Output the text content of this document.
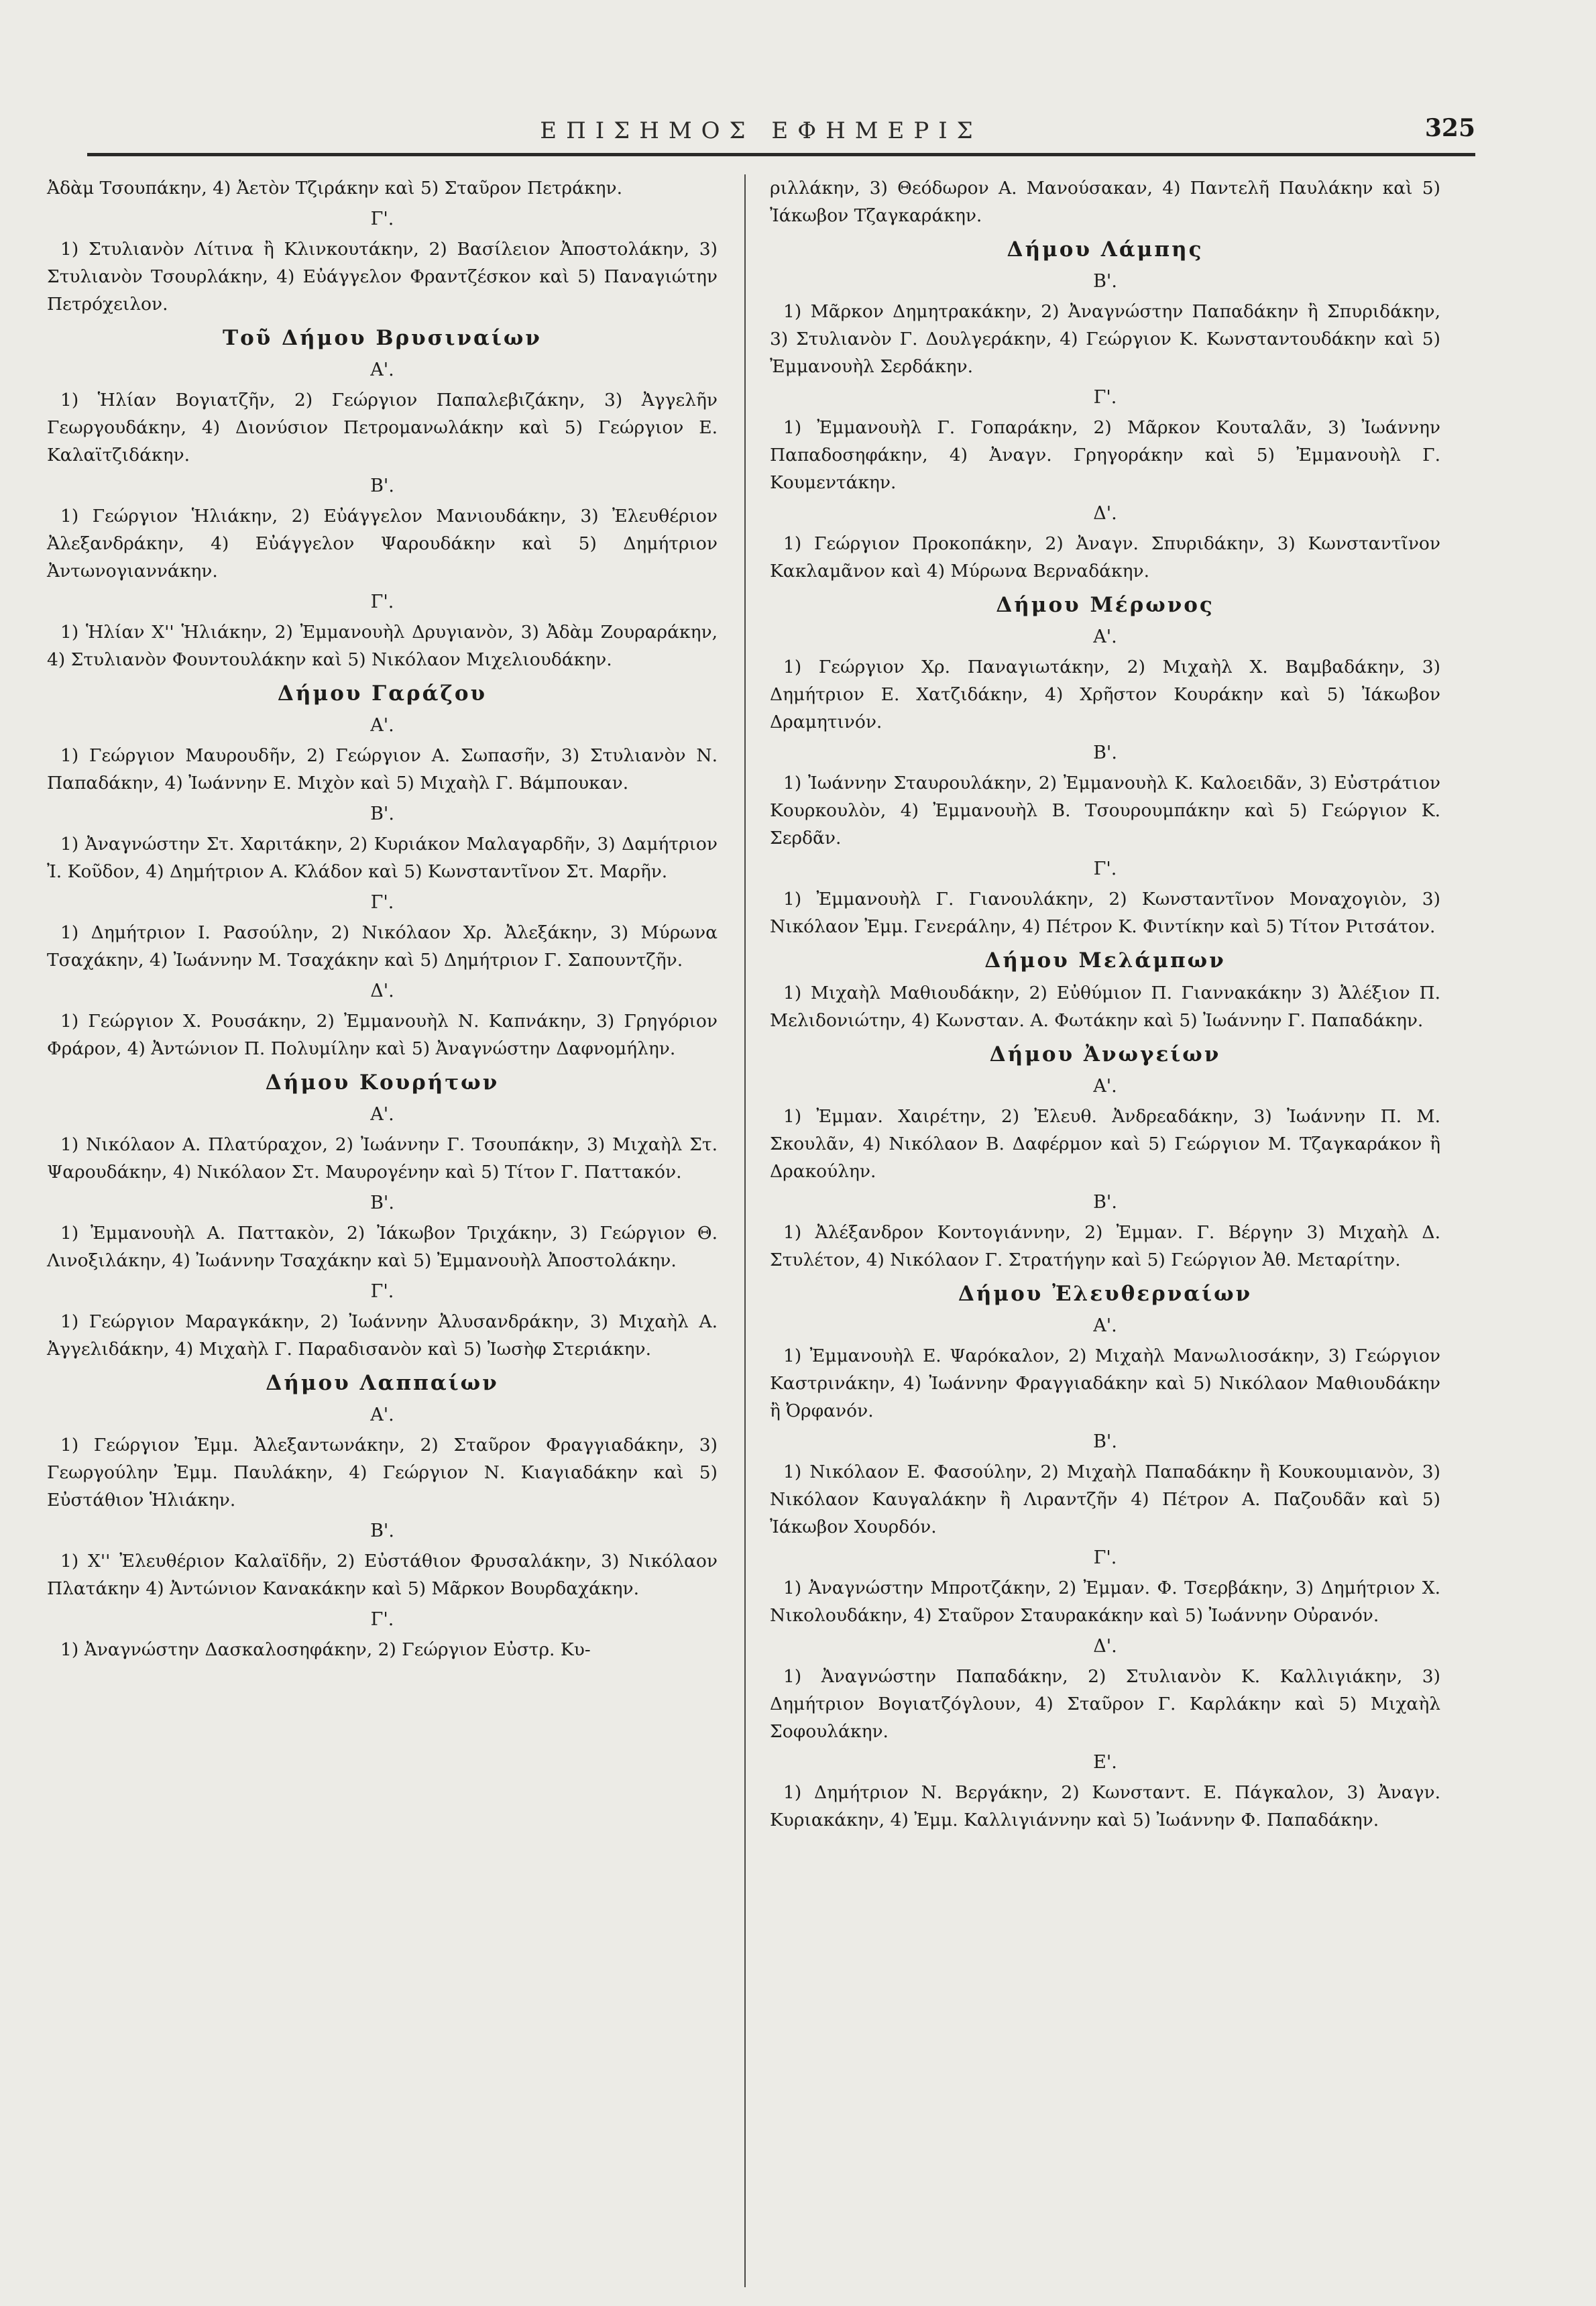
ΕΠΙΣΗΜΟΣ ΕΦΗΜΕΡΙΣ	325
Ἀδὰμ Τσουπάκην, 4) Ἀετὸν Τζιράκην καὶ 5) Σταῦρον Πετράκην.
Γ'.
1) Στυλιανὸν Λίτινα ἢ Κλινκουτάκην, 2) Βασίλειον Ἀποστολάκην, 3) Στυλιανὸν Τσουρλάκην, 4) Εὐάγγελον Φραντζέσκον καὶ 5) Παναγιώτην Πετρόχειλον.
Τοῦ Δήμου Βρυσιναίων
Α'.
1) Ἡλίαν Βογιατζῆν, 2) Γεώργιον Παπαλεβιζάκην, 3) Ἀγγελῆν Γεωργουδάκην, 4) Διονύσιον Πετρομανωλάκην καὶ 5) Γεώργιον Ε. Καλαϊτζιδάκην.
Β'.
1) Γεώργιον Ἡλιάκην, 2) Εὐάγγελον Μανιουδάκην, 3) Ἐλευθέριον Ἀλεξανδράκην, 4) Εὐάγγελον Ψαρουδάκην καὶ 5) Δημήτριον Ἀντωνογιαννάκην.
Γ'.
1) Ἡλίαν Χ'' Ἡλιάκην, 2) Ἐμμανουὴλ Δρυγιανὸν, 3) Ἀδὰμ Ζουραράκην, 4) Στυλιανὸν Φουντουλάκην καὶ 5) Νικόλαον Μιχελιουδάκην.
Δήμου Γαράζου
Α'.
1) Γεώργιον Μαυρουδῆν, 2) Γεώργιον Α. Σωπασῆν, 3) Στυλιανὸν Ν. Παπαδάκην, 4) Ἰωάννην Ε. Μιχὸν καὶ 5) Μιχαὴλ Γ. Βάμπουκαν.
Β'.
1) Ἀναγνώστην Στ. Χαριτάκην, 2) Κυριάκον Μαλαγαρδῆν, 3) Δαμήτριον Ἰ. Κοῦδον, 4) Δημήτριον Α. Κλάδον καὶ 5) Κωνσταντῖνον Στ. Μαρῆν.
Γ'.
1) Δημήτριον Ι. Ρασούλην, 2) Νικόλαον Χρ. Ἀλεξάκην, 3) Μύρωνα Τσαχάκην, 4) Ἰωάννην Μ. Τσαχάκην καὶ 5) Δημήτριον Γ. Σαπουντζῆν.
Δ'.
1) Γεώργιον Χ. Ρουσάκην, 2) Ἐμμανουὴλ Ν. Καπνάκην, 3) Γρηγόριον Φράρον, 4) Ἀντώνιον Π. Πολυμίλην καὶ 5) Ἀναγνώστην Δαφνομήλην.
Δήμου Κουρήτων
Α'.
1) Νικόλαον Α. Πλατύραχον, 2) Ἰωάννην Γ. Τσουπάκην, 3) Μιχαὴλ Στ. Ψαρουδάκην, 4) Νικόλαον Στ. Μαυρογένην καὶ 5) Τίτον Γ. Παττακόν.
Β'.
1) Ἐμμανουὴλ Α. Παττακὸν, 2) Ἰάκωβον Τριχάκην, 3) Γεώργιον Θ. Λινοξιλάκην, 4) Ἰωάννην Τσαχάκην καὶ 5) Ἐμμανουὴλ Ἀποστολάκην.
Γ'.
1) Γεώργιον Μαραγκάκην, 2) Ἰωάννην Ἀλυσανδράκην, 3) Μιχαὴλ Α. Ἀγγελιδάκην, 4) Μιχαὴλ Γ. Παραδισανὸν καὶ 5) Ἰωσὴφ Στεριάκην.
Δήμου Λαππαίων
Α'.
1) Γεώργιον Ἐμμ. Ἀλεξαντωνάκην, 2) Σταῦρον Φραγγιαδάκην, 3) Γεωργούλην Ἐμμ. Παυλάκην, 4) Γεώργιον Ν. Κιαγιαδάκην καὶ 5) Εὐστάθιον Ἡλιάκην.
Β'.
1) Χ'' Ἐλευθέριον Καλαϊδῆν, 2) Εὐστάθιον Φρυσαλάκην, 3) Νικόλαον Πλατάκην 4) Ἀντώνιον Κανακάκην καὶ 5) Μᾶρκον Βουρδαχάκην.
Γ'.
1) Ἀναγνώστην Δασκαλοσηφάκην, 2) Γεώργιον Εὐστρ. Κυ-
ριλλάκην, 3) Θεόδωρον Α. Μανούσακαν, 4) Παντελῆ Παυλάκην καὶ 5) Ἰάκωβον Τζαγκαράκην.
Δήμου Λάμπης
Β'.
1) Μᾶρκον Δημητρακάκην, 2) Ἀναγνώστην Παπαδάκην ἢ Σπυριδάκην, 3) Στυλιανὸν Γ. Δουλγεράκην, 4) Γεώργιον Κ. Κωνσταντουδάκην καὶ 5) Ἐμμανουὴλ Σερδάκην.
Γ'.
1) Ἐμμανουὴλ Γ. Γοπαράκην, 2) Μᾶρκον Κουταλᾶν, 3) Ἰωάννην Παπαδοσηφάκην, 4) Ἀναγν. Γρηγοράκην καὶ 5) Ἐμμανουὴλ Γ. Κουμεντάκην.
Δ'.
1) Γεώργιον Προκοπάκην, 2) Ἀναγν. Σπυριδάκην, 3) Κωνσταντῖνον Κακλαμᾶνον καὶ 4) Μύρωνα Βερναδάκην.
Δήμου Μέρωνος
Α'.
1) Γεώργιον Χρ. Παναγιωτάκην, 2) Μιχαὴλ Χ. Βαμβαδάκην, 3) Δημήτριον Ε. Χατζιδάκην, 4) Χρῆστον Κουράκην καὶ 5) Ἰάκωβον Δραμητινόν.
Β'.
1) Ἰωάννην Σταυρουλάκην, 2) Ἐμμανουὴλ Κ. Καλοειδᾶν, 3) Εὐστράτιον Κουρκουλὸν, 4) Ἐμμανουὴλ Β. Τσουρουμπάκην καὶ 5) Γεώργιον Κ. Σερδᾶν.
Γ'.
1) Ἐμμανουὴλ Γ. Γιανουλάκην, 2) Κωνσταντῖνον Μοναχογιὸν, 3) Νικόλαον Ἐμμ. Γενεράλην, 4) Πέτρον Κ. Φιντίκην καὶ 5) Τίτον Ριτσάτον.
Δήμου Μελάμπων
1) Μιχαὴλ Μαθιουδάκην, 2) Εὐθύμιον Π. Γιαννακάκην 3) Ἀλέξιον Π. Μελιδονιώτην, 4) Κωνσταν. Α. Φωτάκην καὶ 5) Ἰωάννην Γ. Παπαδάκην.
Δήμου Ἀνωγείων
Α'.
1) Ἐμμαν. Χαιρέτην, 2) Ἐλευθ. Ἀνδρεαδάκην, 3) Ἰωάννην Π. Μ. Σκουλᾶν, 4) Νικόλαον Β. Δαφέρμον καὶ 5) Γεώργιον Μ. Τζαγκαράκον ἢ Δρακούλην.
Β'.
1) Ἀλέξανδρον Κοντογιάννην, 2) Ἐμμαν. Γ. Βέργην 3) Μιχαὴλ Δ. Στυλέτον, 4) Νικόλαον Γ. Στρατήγην καὶ 5) Γεώργιον Ἀθ. Μεταρίτην.
Δήμου Ἐλευθερναίων
Α'.
1) Ἐμμανουὴλ Ε. Ψαρόκαλον, 2) Μιχαὴλ Μανωλιοσάκην, 3) Γεώργιον Καστρινάκην, 4) Ἰωάννην Φραγγιαδάκην καὶ 5) Νικόλαον Μαθιουδάκην ἢ Ὀρφανόν.
Β'.
1) Νικόλαον Ε. Φασούλην, 2) Μιχαὴλ Παπαδάκην ἢ Κουκουμιανὸν, 3) Νικόλαον Καυγαλάκην ἢ Λιραντζῆν 4) Πέτρον Α. Παζουδᾶν καὶ 5) Ἰάκωβον Χουρδόν.
Γ'.
1) Ἀναγνώστην Μπροτζάκην, 2) Ἐμμαν. Φ. Τσερβάκην, 3) Δημήτριον Χ. Νικολουδάκην, 4) Σταῦρον Σταυρακάκην καὶ 5) Ἰωάννην Οὐρανόν.
Δ'.
1) Ἀναγνώστην Παπαδάκην, 2) Στυλιανὸν Κ. Καλλιγιάκην, 3) Δημήτριον Βογιατζόγλουν, 4) Σταῦρον Γ. Καρλάκην καὶ 5) Μιχαὴλ Σοφουλάκην.
Ε'.
1) Δημήτριον Ν. Βεργάκην, 2) Κωνσταντ. Ε. Πάγκαλον, 3) Ἀναγν. Κυριακάκην, 4) Ἐμμ. Καλλιγιάννην καὶ 5) Ἰωάννην Φ. Παπαδάκην.
